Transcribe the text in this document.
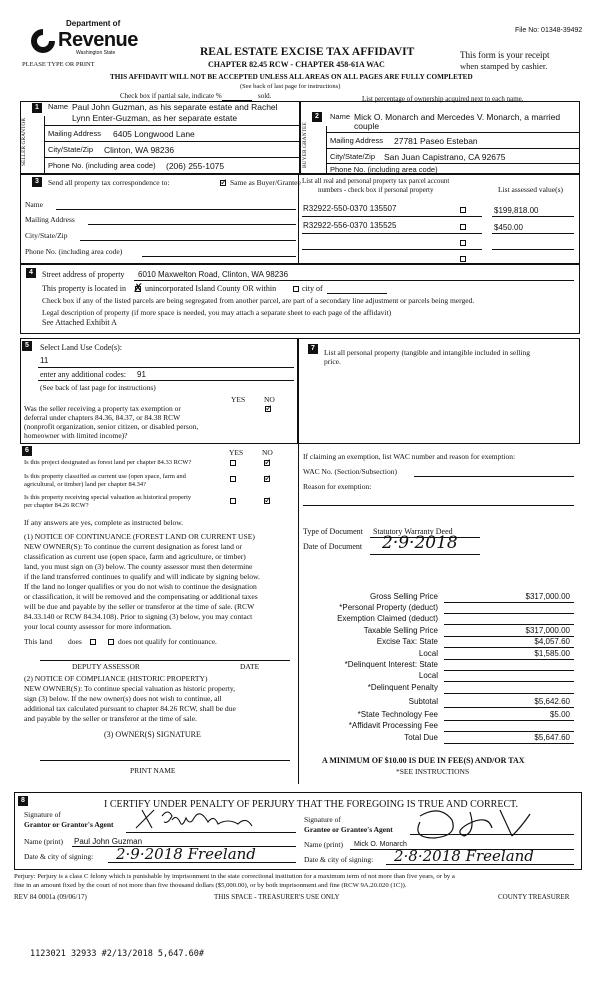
File No: 01348-39492
Department of
Revenue
Washington State
PLEASE TYPE OR PRINT
REAL ESTATE EXCISE TAX AFFIDAVIT
CHAPTER 82.45 RCW - CHAPTER 458-61A WAC
This form is your receipt
when stamped by cashier.
THIS AFFIDAVIT WILL NOT BE ACCEPTED UNLESS ALL AREAS ON ALL PAGES ARE FULLY COMPLETED
(See back of last page for instructions)
Check box if partial sale, indicate %	sold.	List percentage of ownership acquired next to each name.
1
SELLER GRANTOR
Name Paul John Guzman, as his separate estate and Rachel
Lynn Enter-Guzman, as her separate estate
Mailing Address 6405 Longwood Lane
City/State/Zip Clinton, WA 98236
Phone No. (including area code) (206) 255-1075
2
BUYER GRANTEE
Name Mick O. Monarch and Mercedes V. Monarch, a married
couple
Mailing Address 27781 Paseo Esteban
City/State/Zip San Juan Capistrano, CA 92675
Phone No. (including area code)
3	Send all property tax correspondence to:	✓ Same as Buyer/Grantee
Name
Mailing Address
City/State/Zip
Phone No. (including area code)
List all real and personal property tax parcel account
numbers - check box if personal property	List assessed value(s)
R32922-550-0370 135507	$199,818.00
R32922-556-0370 135525	$450.00
4	Street address of property 6010 Maxwelton Road, Clinton, WA 98236
This property is located in ✗ unincorporated Island County OR within	city of
Check box if any of the listed parcels are being segregated from another parcel, are part of a secondary line adjustment or parcels being merged.
Legal description of property (if more space is needed, you may attach a separate sheet to each page of the affidavit)
See Attached Exhibit A
5	Select Land Use Code(s):
11
enter any additional codes: 91
(See back of last page for instructions)
YES	NO
Was the seller receiving a property tax exemption or
deferral under chapters 84.36, 84.37, or 84.38 RCW
(nonprofit organization, senior citizen, or disabled person,
homeowner with limited income)?
✓
7	List all personal property (tangible and intangible included in selling
price.
6	YES	NO
Is this project designated as forest land per chapter 84.33 RCW?	✓
Is this property classified as current use (open space, farm and
agricultural, or timber) land per chapter 84.34?
✓
Is this property receiving special valuation as historical property
per chapter 84.26 RCW?
✓
If any answers are yes, complete as instructed below.
(1) NOTICE OF CONTINUANCE (FOREST LAND OR CURRENT USE)
NEW OWNER(S): To continue the current designation as forest land or
classification as current use (open space, farm and agriculture, or timber)
land, you must sign on (3) below. The county assessor must then determine
if the land transferred continues to qualify and will indicate by signing below.
If the land no longer qualifies or you do not wish to continue the designation
or classification, it will be removed and the compensating or additional taxes
will be due and payable by the seller or transferor at the time of sale. (RCW
84.33.140 or RCW 84.34.108). Prior to signing (3) below, you may contact
your local county assessor for more information.
This land does	does not qualify for continuance.
DEPUTY ASSESSOR	DATE
(2) NOTICE OF COMPLIANCE (HISTORIC PROPERTY)
NEW OWNER(S): To continue special valuation as historic property,
sign (3) below. If the new owner(s) does not wish to continue, all
additional tax calculated pursuant to chapter 84.26 RCW, shall be due
and payable by the seller or transferor at the time of sale.
(3) OWNER(S) SIGNATURE
PRINT NAME
If claiming an exemption, list WAC number and reason for exemption:
WAC No. (Section/Subsection)
Reason for exemption:
Type of Document Statutory Warranty Deed
Date of Document 2·9·2018
Gross Selling Price	$317,000.00
*Personal Property (deduct)
Exemption Claimed (deduct)
Taxable Selling Price	$317,000.00
Excise Tax: State	$4,057.60
Local	$1,585.00
*Delinquent Interest: State
Local
*Delinquent Penalty
Subtotal	$5,642.60
*State Technology Fee	$5.00
*Affidavit Processing Fee
Total Due	$5,647.60
A MINIMUM OF $10.00 IS DUE IN FEE(S) AND/OR TAX
*SEE INSTRUCTIONS
8	I CERTIFY UNDER PENALTY OF PERJURY THAT THE FOREGOING IS TRUE AND CORRECT.
Signature of
Grantor or Grantor's Agent
Name (print) Paul John Guzman
Date & city of signing: 2·9·2018 Freeland
Signature of
Grantee or Grantee's Agent
Name (print) Mick O. Monarch
Date & city of signing: 2·8·2018 Freeland
Perjury: Perjury is a class C felony which is punishable by imprisonment in the state correctional institution for a maximum term of not more than five years, or by a
fine in an amount fixed by the court of not more than five thousand dollars ($5,000.00), or by both imprisonment and fine (RCW 9A.20.020 (1C)).
REV 84 0001a (09/06/17)	THIS SPACE - TREASURER'S USE ONLY	COUNTY TREASURER
1123021 32933 #2/13/2018 5,647.60#
